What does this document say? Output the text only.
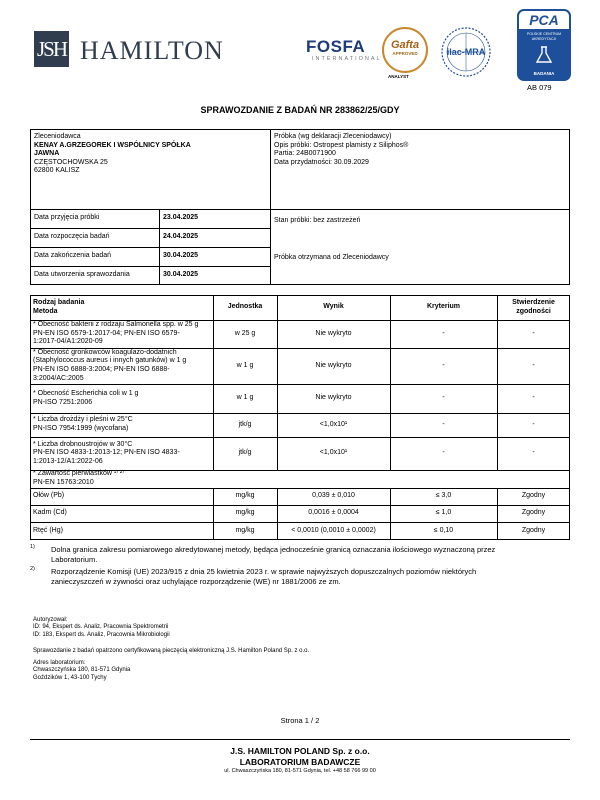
JSH HAMILTON	FOSFA
INTERNATIONAL
Gafta
APPROVED
ANALYST
ilac-MRA
PCA
POLSKIE CENTRUM AKREDYTACJI
BADANIA
AB 079
SPRAWOZDANIE Z BADAŃ NR 283862/25/GDY
Zleceniodawca
KENAY A.GRZEGOREK I WSPÓLNICY SPÓŁKA
JAWNA
CZĘSTOCHOWSKA 25
62800 KALISZ
Próbka (wg deklaracji Zleceniodawcy)
Opis próbki: Ostropest plamisty z Siliphos®
Partia: 24B0071900
Data przydatności: 30.09.2029
Data przyjęcia próbki	23.04.2025
Data rozpoczęcia badań	24.04.2025
Data zakończenia badań	30.04.2025
Data utworzenia sprawozdania	30.04.2025
Stan próbki: bez zastrzeżeń
Próbka otrzymana od Zleceniodawcy
Rodzaj badania
Metoda
Jednostka	Wynik	Kryterium
Stwierdzenie
zgodności
* Obecność bakterii z rodzaju Salmonella spp. w 25 g
PN-EN ISO 6579-1:2017-04; PN-EN ISO 6579-
1:2017-04/A1:2020-09
w 25 g	Nie wykryto	-	-
* Obecność gronkowców koagulazo-dodatnich
(Staphylococcus aureus i innych gatunków) w 1 g
PN-EN ISO 6888-3:2004; PN-EN ISO 6888-
3:2004/AC:2005
w 1 g	Nie wykryto	-	-
* Obecność Escherichia coli w 1 g
PN-ISO 7251:2006
w 1 g	Nie wykryto	-	-
* Liczba drożdży i pleśni w 25°C
PN-ISO 7954:1999 (wycofana)
jtk/g	<1,0x10¹	-	-
* Liczba drobnoustrojów w 30°C
PN-EN ISO 4833-1:2013-12; PN-EN ISO 4833-
1:2013-12/A1:2022-06
jtk/g	<1,0x10¹	-	-
* Zawartość pierwiastków ¹⁾ ²⁾
PN-EN 15763:2010
Ołów (Pb)	mg/kg	0,039 ± 0,010	≤ 3,0	Zgodny
Kadm (Cd)	mg/kg	0,0016 ± 0,0004	≤ 1,0	Zgodny
Rtęć (Hg)	mg/kg	< 0,0010 (0,0010 ± 0,0002)	≤ 0,10	Zgodny
1) Dolna granica zakresu pomiarowego akredytowanej metody, będąca jednocześnie granicą oznaczania ilościowego wyznaczoną przez
Laboratorium.
2) Rozporządzenie Komisji (UE) 2023/915 z dnia 25 kwietnia 2023 r. w sprawie najwyższych dopuszczalnych poziomów niektórych
zanieczyszczeń w żywności oraz uchylające rozporządzenie (WE) nr 1881/2006 ze zm.
Autoryzował:
ID: 94, Ekspert ds. Analiz, Pracownia Spektrometrii
ID: 183, Ekspert ds. Analiz, Pracownia Mikrobiologii
Sprawozdanie z badań opatrzono certyfikowaną pieczęcią elektroniczną J.S. Hamilton Poland Sp. z o.o.
Adres laboratorium:
Chwaszczyńska 180, 81-571 Gdynia
Goździków 1, 43-100 Tychy
Strona 1 / 2
J.S. HAMILTON POLAND Sp. z o.o.
LABORATORIUM BADAWCZE
ul. Chwaszczyńska 180, 81-571 Gdynia, tel. +48 58 766 99 00
